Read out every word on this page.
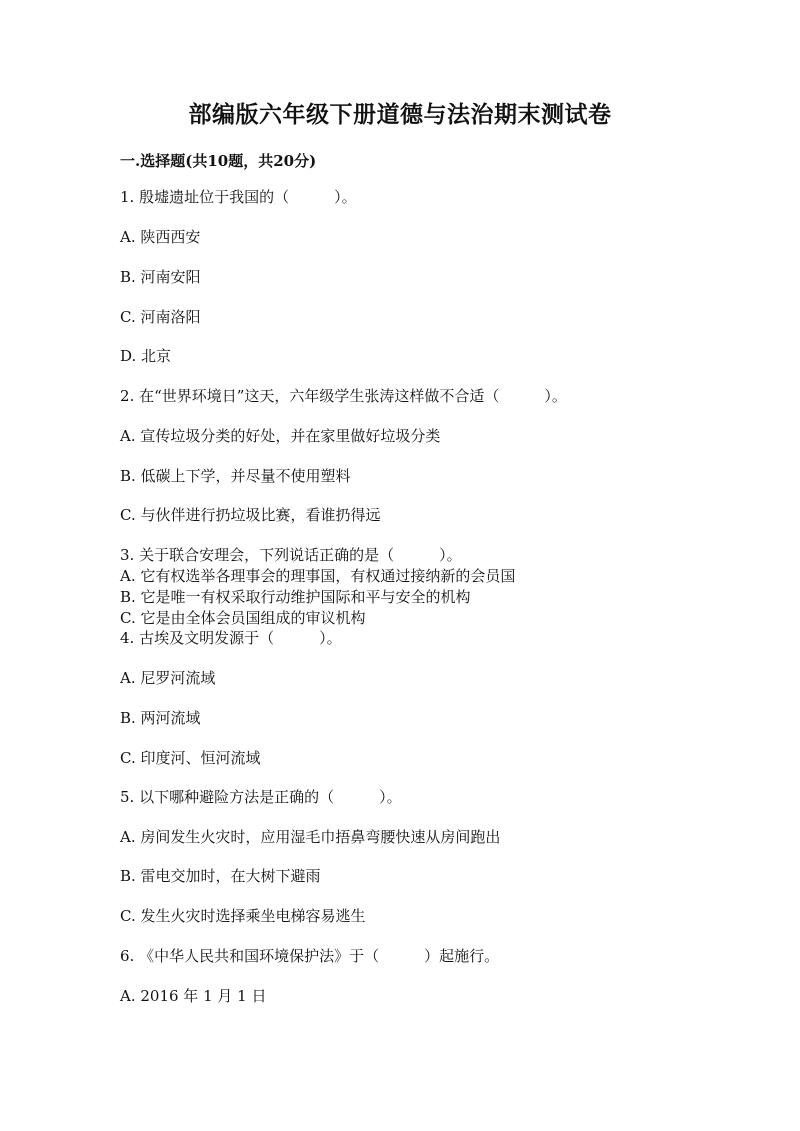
部编版六年级下册道德与法治期末测试卷
一.选择题(共10题，共20分)
1. 殷墟遗址位于我国的（　　　）。
A. 陕西西安
B. 河南安阳
C. 河南洛阳
D. 北京
2. 在“世界环境日”这天，六年级学生张涛这样做不合适（　　　）。
A. 宣传垃圾分类的好处，并在家里做好垃圾分类
B. 低碳上下学，并尽量不使用塑料
C. 与伙伴进行扔垃圾比赛，看谁扔得远
3. 关于联合安理会，下列说话正确的是（　　　）。
A. 它有权选举各理事会的理事国，有权通过接纳新的会员国
B. 它是唯一有权采取行动维护国际和平与安全的机构
C. 它是由全体会员国组成的审议机构
4. 古埃及文明发源于（　　　）。
A. 尼罗河流域
B. 两河流域
C. 印度河、恒河流域
5. 以下哪种避险方法是正确的（　　　）。
A. 房间发生火灾时，应用湿毛巾捂鼻弯腰快速从房间跑出
B. 雷电交加时，在大树下避雨
C. 发生火灾时选择乘坐电梯容易逃生
6. 《中华人民共和国环境保护法》于（　　　）起施行。
A. 2016 年 1 月 1 日
